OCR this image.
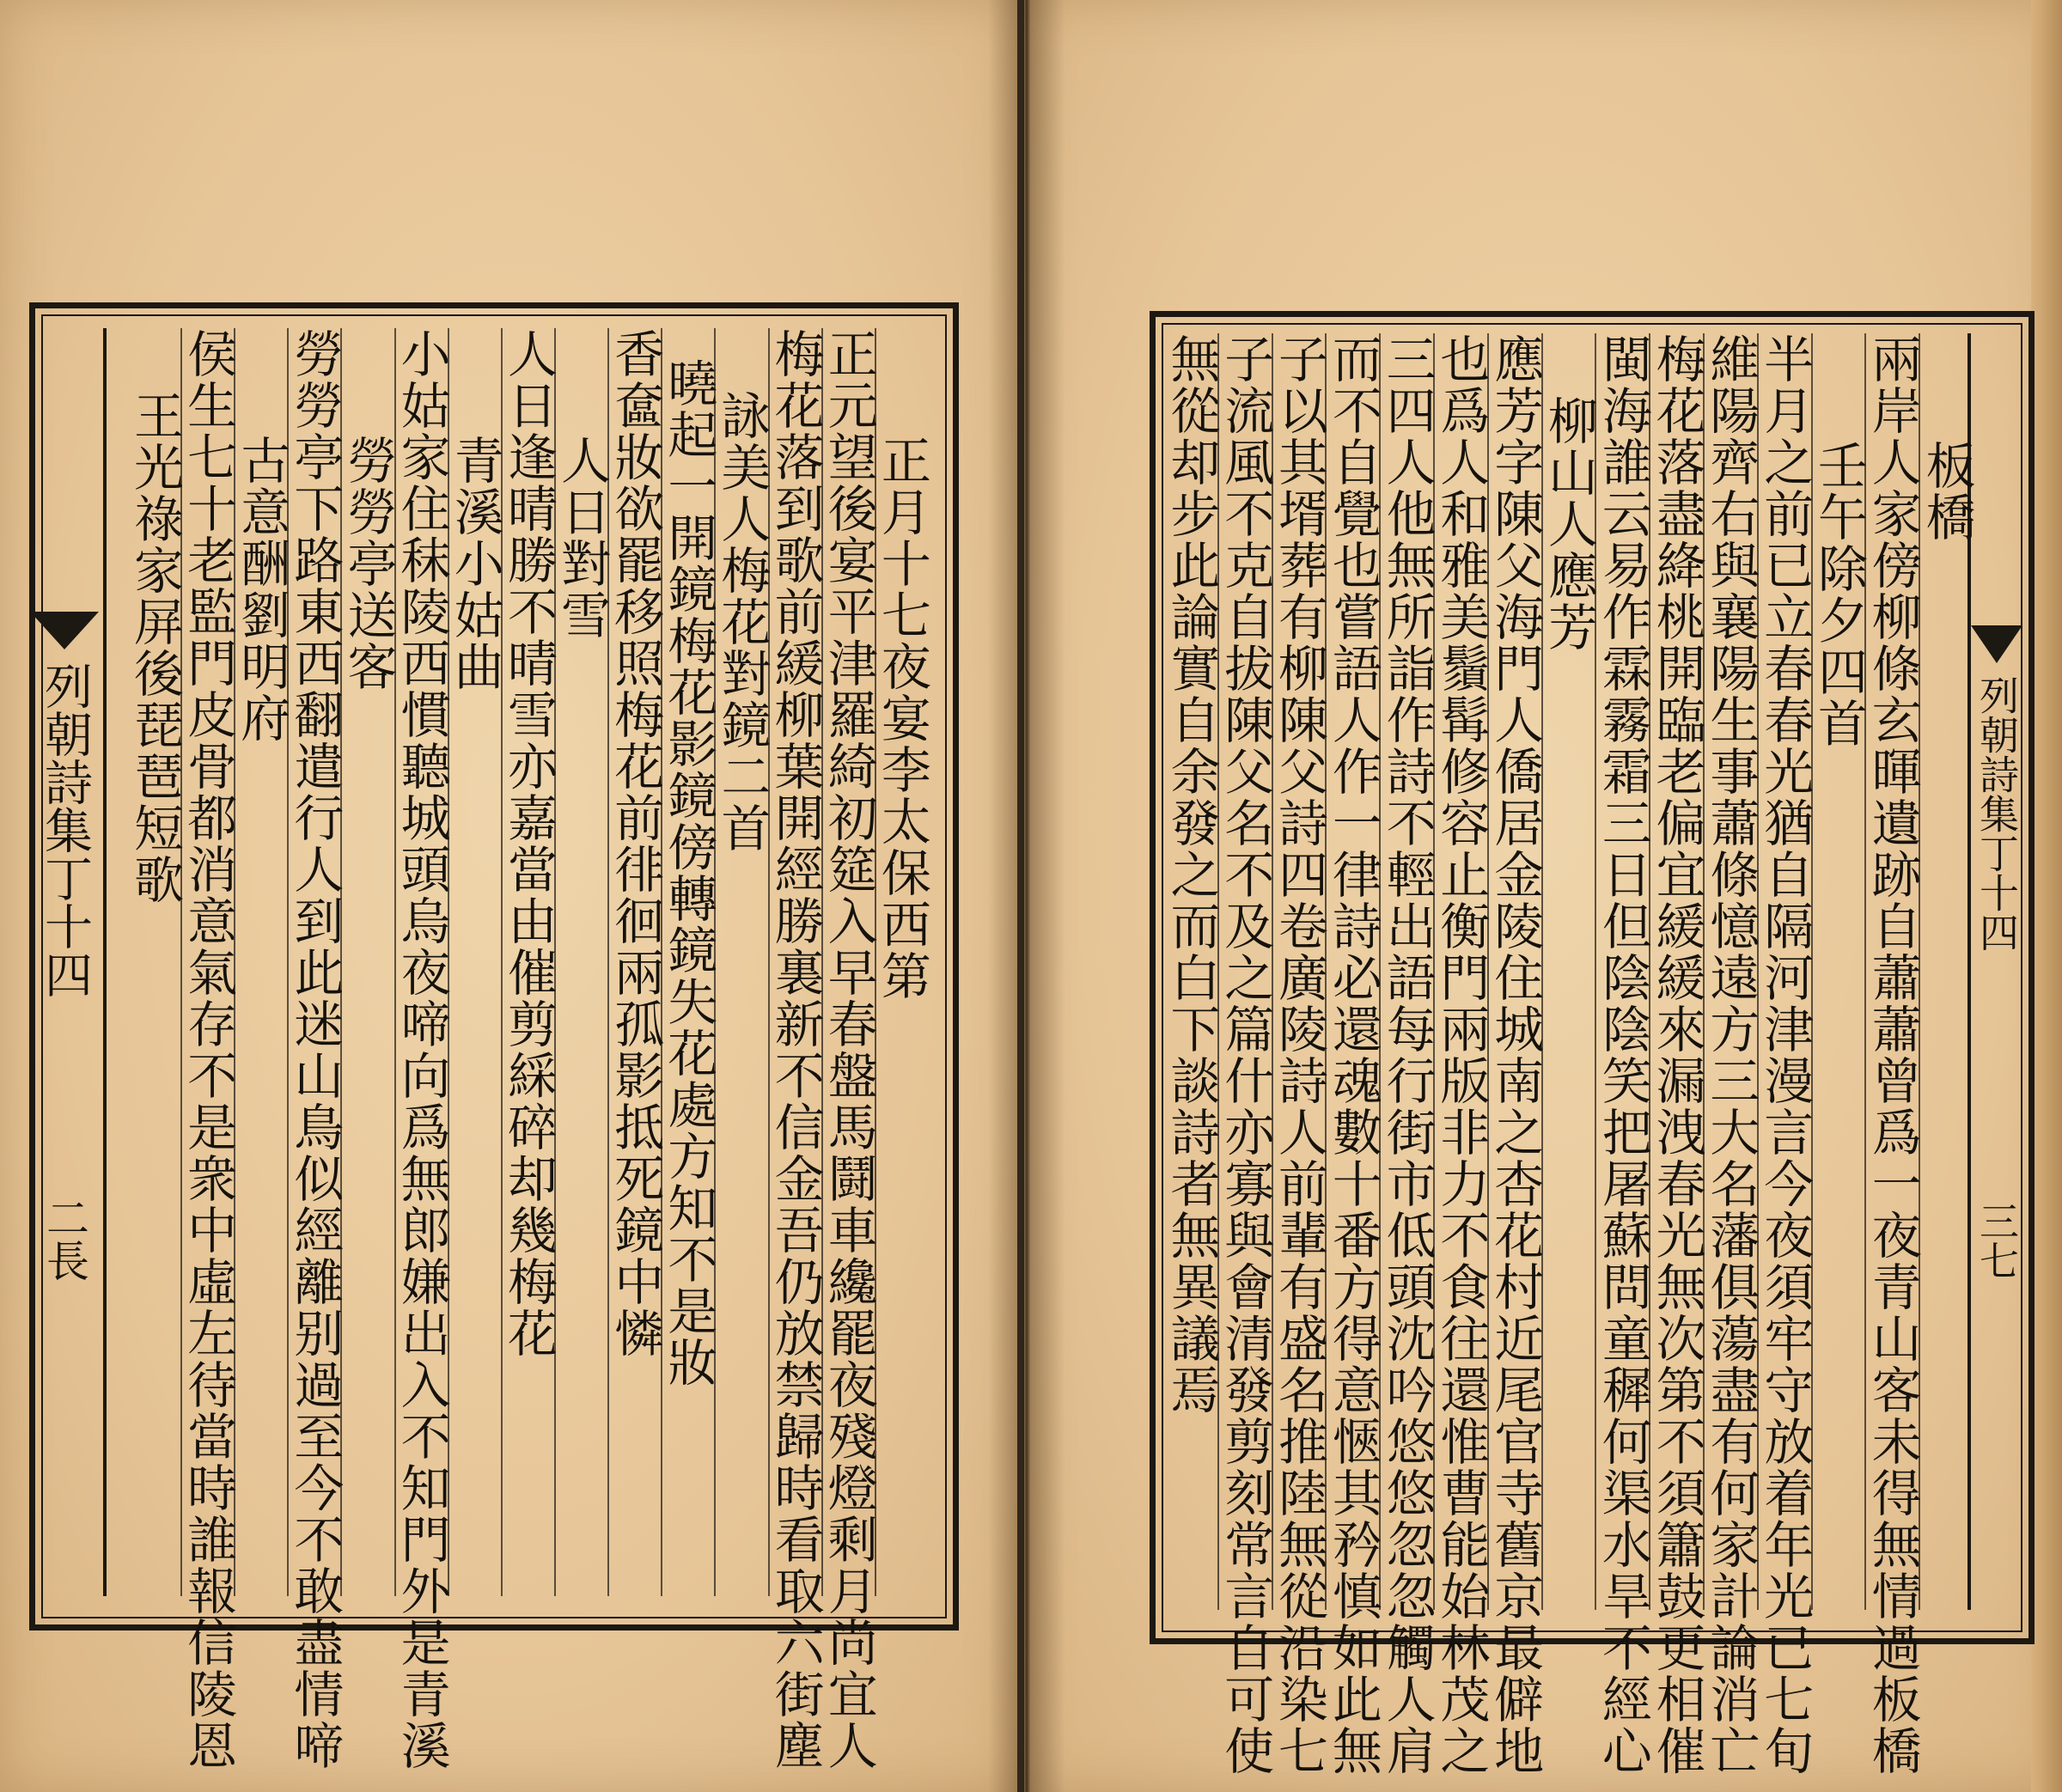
列朝詩集丁十四
二長
正月十七夜宴李太保西第
正元望後宴平津羅綺初筵入早春盤馬鬪車纔罷夜殘燈剩月尚宜人
梅花落到歌前緩柳葉開經勝裏新不信金吾仍放禁歸時看取六街塵
詠美人梅花對鏡二首
曉起一開鏡梅花影鏡傍轉鏡失花處方知不是妝
香奩妝欲罷移照梅花前徘徊兩孤影抵死鏡中憐
人日對雪
人日逢晴勝不晴雪亦嘉當由催剪綵碎却幾梅花
青溪小姑曲
小姑家住秣陵西慣聽城頭烏夜啼向爲無郎嫌出入不知門外是青溪
勞勞亭送客
勞勞亭下路東西翻遣行人到此迷山鳥似經離别過至今不敢盡情啼
古意酬劉明府
侯生七十老監門皮骨都消意氣存不是衆中虛左待當時誰報信陵恩
王光祿家屏後琵琶短歌	列朝詩集丁十四
三七
板橋
兩岸人家傍柳條玄暉遺跡自蕭蕭曾爲一夜青山客未得無情過板橋
壬午除夕四首
半月之前已立春春光猶自隔河津漫言今夜須牢守放着年光已七旬
維陽齊右與襄陽生事蕭條憶遠方三大名藩俱蕩盡有何家計論消亡
梅花落盡絳桃開臨老偏宜緩緩來漏洩春光無次第不須簫鼓更相催
閩海誰云易作霖霧霜三日但陰陰笑把屠蘇問童穉何渠水旱不經心
柳山人應芳
應芳字陳父海門人僑居金陵住城南之杏花村近尾官寺舊京最僻地
也爲人和雅美鬚髯修容止衡門兩版非力不食往還惟曹能始林茂之
三四人他無所詣作詩不輕出語每行街市低頭沈吟悠悠忽忽觸人肩
而不自覺也嘗語人作一律詩必還魂數十番方得意愜其矜慎如此無
子以其壻葬有柳陳父詩四卷廣陵詩人前輩有盛名推陸無從沿染七
子流風不克自拔陳父名不及之篇什亦寡與會清發剪刻常言自可使
無從却步此論實自余發之而白下談詩者無異議焉
